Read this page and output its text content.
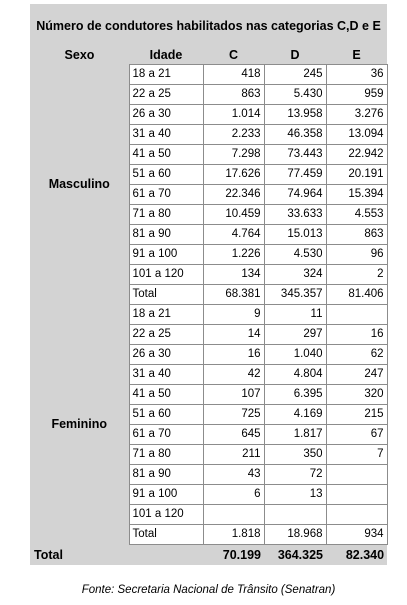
Número de condutores habilitados nas categorias C,D e E				
Sexo	Idade	C	D	E
Masculino	18 a 21	418	245	36
	22 a 25	863	5.430	959
	26 a 30	1.014	13.958	3.276
	31 a 40	2.233	46.358	13.094
	41 a 50	7.298	73.443	22.942
	51 a 60	17.626	77.459	20.191
	61 a 70	22.346	74.964	15.394
	71 a 80	10.459	33.633	4.553
	81 a 90	4.764	15.013	863
	91 a 100	1.226	4.530	96
	101 a 120	134	324	2
	Total	68.381	345.357	81.406
Feminino	18 a 21	9	11	
	22 a 25	14	297	16
	26 a 30	16	1.040	62
	31 a 40	42	4.804	247
	41 a 50	107	6.395	320
	51 a 60	725	4.169	215
	61 a 70	645	1.817	67
	71 a 80	211	350	7
	81 a 90	43	72	
	91 a 100	6	13	
	101 a 120			
	Total	1.818	18.968	934
Total		70.199	364.325	82.340
Fonte: Secretaria Nacional de Trânsito (Senatran)
